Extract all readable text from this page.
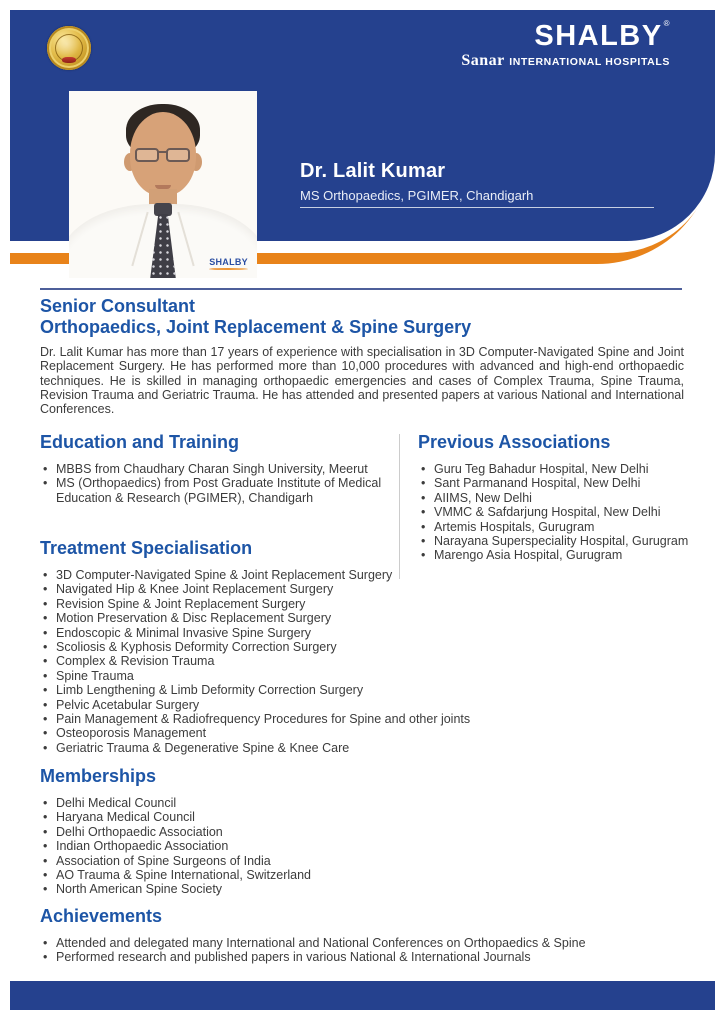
SHALBY®
Sanar INTERNATIONAL HOSPITALS
SHALBY
Dr. Lalit Kumar
MS Orthopaedics, PGIMER, Chandigarh

Senior Consultant

Orthopaedics, Joint Replacement & Spine Surgery

Dr. Lalit Kumar has more than 17 years of experience with specialisation in 3D Computer-Navigated Spine and Joint Replacement Surgery. He has performed more than 10,000 procedures with advanced and high-end orthopaedic techniques. He is skilled in managing orthopaedic emergencies and cases of Complex Trauma, Spine Trauma, Revision Trauma and Geriatric Trauma. He has attended and presented papers at various National and International Conferences.

Education and Training

• MBBS from Chaudhary Charan Singh University, Meerut
• MS (Orthopaedics) from Post Graduate Institute of Medical Education & Research (PGIMER), Chandigarh

Previous Associations

• Guru Teg Bahadur Hospital, New Delhi
• Sant Parmanand Hospital, New Delhi
• AIIMS, New Delhi
• VMMC & Safdarjung Hospital, New Delhi
• Artemis Hospitals, Gurugram
• Narayana Superspeciality Hospital, Gurugram
• Marengo Asia Hospital, Gurugram

Treatment Specialisation

• 3D Computer-Navigated Spine & Joint Replacement Surgery
• Navigated Hip & Knee Joint Replacement Surgery
• Revision Spine & Joint Replacement Surgery
• Motion Preservation & Disc Replacement Surgery
• Endoscopic & Minimal Invasive Spine Surgery
• Scoliosis & Kyphosis Deformity Correction Surgery
• Complex & Revision Trauma
• Spine Trauma
• Limb Lengthening & Limb Deformity Correction Surgery
• Pelvic Acetabular Surgery
• Pain Management & Radiofrequency Procedures for Spine and other joints
• Osteoporosis Management
• Geriatric Trauma & Degenerative Spine & Knee Care

Memberships

• Delhi Medical Council
• Haryana Medical Council
• Delhi Orthopaedic Association
• Indian Orthopaedic Association
• Association of Spine Surgeons of India
• AO Trauma & Spine International, Switzerland
• North American Spine Society

Achievements

• Attended and delegated many International and National Conferences on Orthopaedics & Spine
• Performed research and published papers in various National & International Journals
